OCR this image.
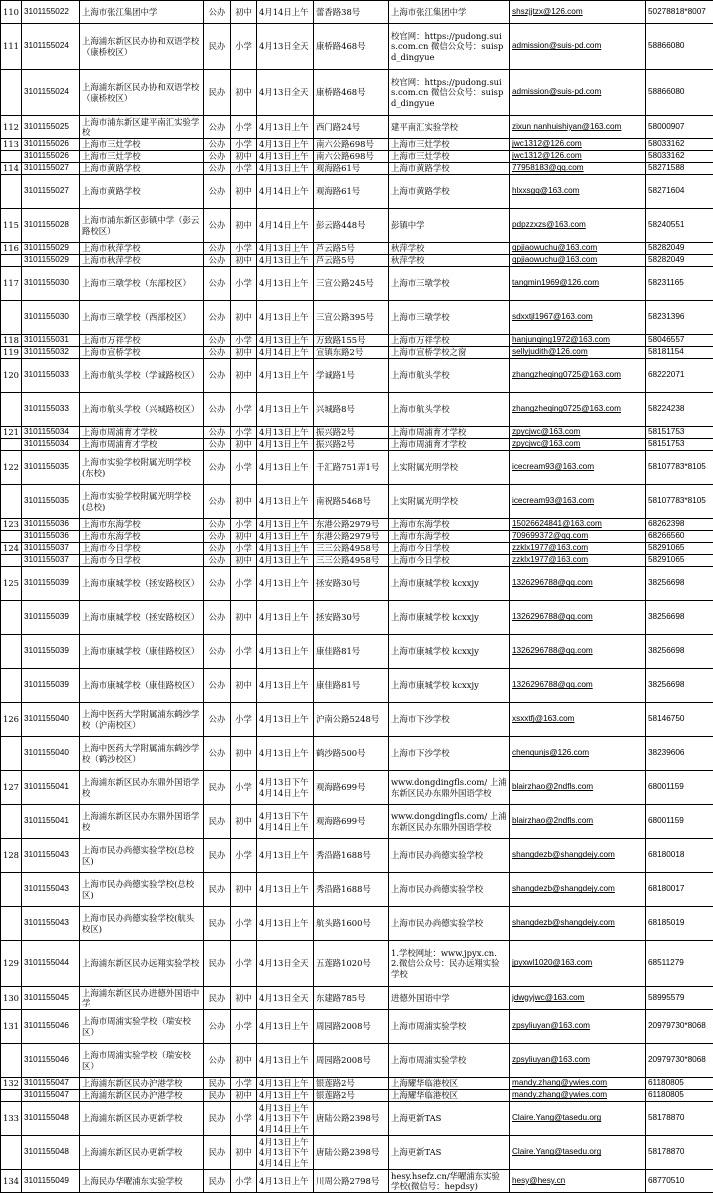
110	3101155022	上海市张江集团中学	公办	初中	4月14日上午	蕾香路38号	上海市张江集团中学	shszjjtzx@126.com	50278818*8007
111	3101155024	上海浦东新区民办协和双语学校（康桥校区）	民办	小学	4月13日全天	康桥路468号	校官网：https://pudong.suis.com.cn 微信公众号：suispd_dingyue	admission@suis-pd.com	58866080
	3101155024	上海浦东新区民办协和双语学校（康桥校区）	民办	初中	4月13日全天	康桥路468号	校官网：https://pudong.suis.com.cn 微信公众号：suispd_dingyue	admission@suis-pd.com	58866080
112	3101155025	上海市浦东新区建平南汇实验学校	公办	小学	4月13日上午	西门路24号	建平南汇实验学校	zixun nanhuishiyan@163.com	58000907
113	3101155026	上海市三灶学校	公办	小学	4月13日上午	南六公路698号	上海市三灶学校	jwc1312@126.com	58033162
	3101155026	上海市三灶学校	公办	初中	4月13日上午	南六公路698号	上海市三灶学校	jwc1312@126.com	58033162
114	3101155027	上海市黄路学校	公办	小学	4月13日上午	观海路61号	上海市黄路学校	77958183@qq.com	58271588
	3101155027	上海市黄路学校	公办	初中	4月14日上午	观海路61号	上海市黄路学校	hlxxsgq@163.com	58271604
115	3101155028	上海市浦东新区彭镇中学（彭云路校区）	公办	初中	4月14日上午	彭云路448号	彭镇中学	pdpzzxzs@163.com	58240551
116	3101155029	上海市秋萍学校	公办	小学	4月13日上午	芦云路5号	秋萍学校	qpjiaowuchu@163.com	58282049
	3101155029	上海市秋萍学校	公办	初中	4月13日上午	芦云路5号	秋萍学校	qpjiaowuchu@163.com	58282049
117	3101155030	上海市三墩学校（东部校区）	公办	小学	4月13日上午	三宣公路245号	上海市三墩学校	tangmin1969@126.com	58231165
	3101155030	上海市三墩学校（西部校区）	公办	初中	4月13日上午	三宣公路395号	上海市三墩学校	sdxxtjl1967@163.com	58231396
118	3101155031	上海市万祥学校	公办	小学	4月13日上午	万致路155号	上海市万祥学校	hanjunqing1972@163.com	58046557
119	3101155032	上海市宣桥学校	公办	初中	4月14日上午	宣镇东路2号	上海市宣桥学校之窗	sellyjudith@126.com	58181154
120	3101155033	上海市航头学校（学诚路校区）	公办	初中	4月13日上午	学诚路1号	上海市航头学校	zhangzheqing0725@163.com	68222071
	3101155033	上海市航头学校（兴城路校区）	公办	小学	4月13日上午	兴城路8号	上海市航头学校	zhangzheqing0725@163.com	58224238
121	3101155034	上海市周浦育才学校	公办	小学	4月13日上午	振兴路2号	上海市周浦育才学校	zpycjwc@163.com	58151753
	3101155034	上海市周浦育才学校	公办	初中	4月13日上午	振兴路2号	上海市周浦育才学校	zpycjwc@163.com	58151753
122	3101155035	上海市实验学校附属光明学校(东校)	公办	小学	4月13日上午	千汇路751弄1号	上实附属光明学校	icecream93@163.com	58107783*8105
	3101155035	上海市实验学校附属光明学校(总校)	公办	初中	4月13日上午	南祝路5468号	上实附属光明学校	icecream93@163.com	58107783*8105
123	3101155036	上海市东海学校	公办	小学	4月13日上午	东港公路2979号	上海市东海学校	15026624841@163.com	68262398
	3101155036	上海市东海学校	公办	初中	4月13日上午	东港公路2979号	上海市东海学校	709699372@qq.com	68266560
124	3101155037	上海市今日学校	公办	小学	4月13日上午	三三公路4958号	上海市今日学校	zzklx1977@163.com	58291065
	3101155037	上海市今日学校	公办	初中	4月13日上午	三三公路4958号	上海市今日学校	zzklx1977@163.com	58291065
125	3101155039	上海市康城学校（拯安路校区）	公办	小学	4月13日上午	拯安路30号	上海市康城学校 kcxxjy	1326296788@qq.com	38256698
	3101155039	上海市康城学校（拯安路校区）	公办	初中	4月13日上午	拯安路30号	上海市康城学校 kcxxjy	1326296788@qq.com	38256698
	3101155039	上海市康城学校（康佳路校区）	公办	小学	4月13日上午	康佳路81号	上海市康城学校 kcxxjy	1326296788@qq.com	38256698
	3101155039	上海市康城学校（康佳路校区）	公办	初中	4月13日上午	康佳路81号	上海市康城学校 kcxxjy	1326296788@qq.com	38256698
126	3101155040	上海中医药大学附属浦东鹤沙学校（沪南校区）	公办	小学	4月13日上午	沪南公路5248号	上海市下沙学校	xsxxtfj@163.com	58146750
	3101155040	上海中医药大学附属浦东鹤沙学校（鹤沙校区）	公办	初中	4月13日上午	鹤沙路500号	上海市下沙学校	chenqunjs@126.com	38239606
127	3101155041	上海浦东新区民办东鼎外国语学校	民办	小学	4月13日下午 4月14日上午	观海路699号	www.dongdingfls.com/ 上浦东新区民办东鼎外国语学校	blairzhao@2ndfls.com	68001159
	3101155041	上海浦东新区民办东鼎外国语学校	民办	初中	4月13日下午 4月14日上午	观海路699号	www.dongdingfls.com/ 上浦东新区民办东鼎外国语学校	blairzhao@2ndfls.com	68001159
128	3101155043	上海市民办尚德实验学校(总校区)	民办	小学	4月13日上午	秀沿路1688号	上海市民办尚德实验学校	shangdezb@shangdejy.com	68180018
	3101155043	上海市民办尚德实验学校(总校区)	民办	初中	4月13日上午	秀沿路1688号	上海市民办尚德实验学校	shangdezb@shangdejy.com	68180017
	3101155043	上海市民办尚德实验学校(航头校区)	民办	小学	4月13日上午	航头路1600号	上海市民办尚德实验学校	shangdezb@shangdejy.com	68185019
129	3101155044	上海浦东新区民办远翔实验学校	民办	小学	4月13日全天	五莲路1020号	1.学校网址：www.jpyx.cn. 2.微信公众号：民办远翔实验学校	jpyxwl1020@163.com	68511279
130	3101155045	上海浦东新区民办进德外国语中学	民办	初中	4月13日全天	东建路785号	进德外国语中学	jdwgyjwc@163.com	58995579
131	3101155046	上海市周浦实验学校（瑞安校区）	公办	小学	4月13日上午	周园路2008号	上海市周浦实验学校	zpsyliuyan@163.com	20979730*8068
	3101155046	上海市周浦实验学校（瑞安校区）	公办	初中	4月13日上午	周园路2008号	上海市周浦实验学校	zpsyliuyan@163.com	20979730*8068
132	3101155047	上海浦东新区民办沪港学校	民办	小学	4月13日上午	银莲路2号	上海耀华临港校区	mandy.zhang@ywies.com	61180805
	3101155047	上海浦东新区民办沪港学校	民办	初中	4月13日上午	银莲路2号	上海耀华临港校区	mandy.zhang@ywies.com	61180805
133	3101155048	上海浦东新区民办更新学校	民办	小学	4月13日上午 4月13日下午 4月14日上午	唐陆公路2398号	上海更新TAS	Claire.Yang@tasedu.org	58178870
	3101155048	上海浦东新区民办更新学校	民办	初中	4月13日上午 4月13日下午 4月14日上午	唐陆公路2398号	上海更新TAS	Claire.Yang@tasedu.org	58178870
134	3101155049	上海民办华曜浦东实验学校	民办	小学	4月13日上午	川周公路2798号	hesy.hsefz.cn/华曜浦东实验学校(微信号：hepdsy)	hesy@hesy.cn	68770510
